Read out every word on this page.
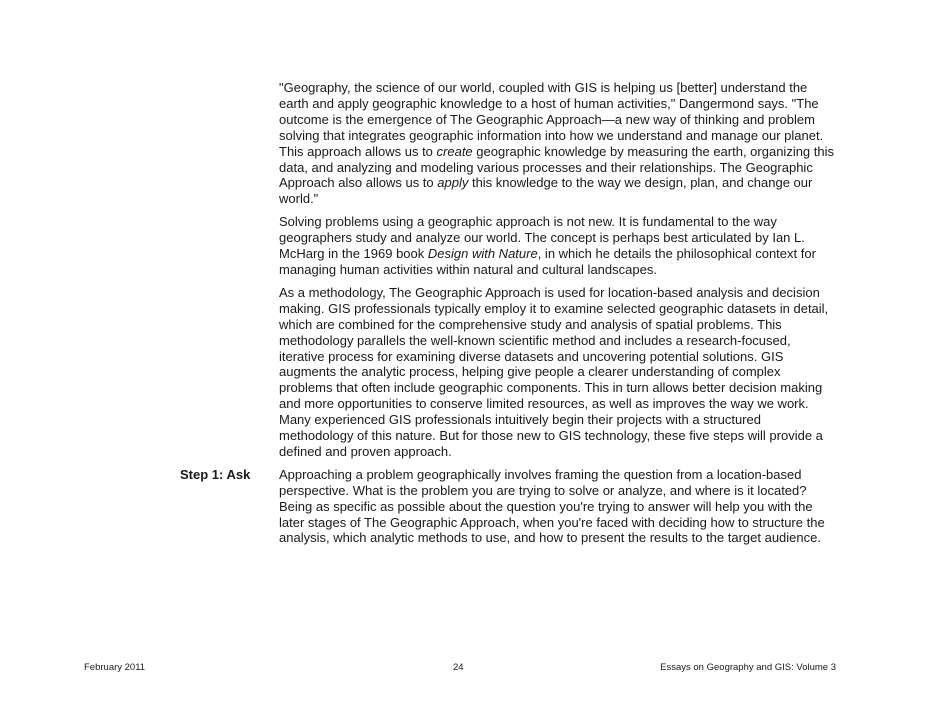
"Geography, the science of our world, coupled with GIS is helping us [better] understand the earth and apply geographic knowledge to a host of human activities," Dangermond says. "The outcome is the emergence of The Geographic Approach—a new way of thinking and problem solving that integrates geographic information into how we understand and manage our planet. This approach allows us to create geographic knowledge by measuring the earth, organizing this data, and analyzing and modeling various processes and their relationships. The Geographic Approach also allows us to apply this knowledge to the way we design, plan, and change our world."

Solving problems using a geographic approach is not new. It is fundamental to the way geographers study and analyze our world. The concept is perhaps best articulated by Ian L. McHarg in the 1969 book Design with Nature, in which he details the philosophical context for managing human activities within natural and cultural landscapes.

As a methodology, The Geographic Approach is used for location-based analysis and decision making. GIS professionals typically employ it to examine selected geographic datasets in detail, which are combined for the comprehensive study and analysis of spatial problems. This methodology parallels the well-known scientific method and includes a research-focused, iterative process for examining diverse datasets and uncovering potential solutions. GIS augments the analytic process, helping give people a clearer understanding of complex problems that often include geographic components. This in turn allows better decision making and more opportunities to conserve limited resources, as well as improves the way we work. Many experienced GIS professionals intuitively begin their projects with a structured methodology of this nature. But for those new to GIS technology, these five steps will provide a defined and proven approach.

Step 1: Ask Approaching a problem geographically involves framing the question from a location-based perspective. What is the problem you are trying to solve or analyze, and where is it located? Being as specific as possible about the question you're trying to answer will help you with the later stages of The Geographic Approach, when you're faced with deciding how to structure the analysis, which analytic methods to use, and how to present the results to the target audience.

February 2011	24	Essays on Geography and GIS: Volume 3
